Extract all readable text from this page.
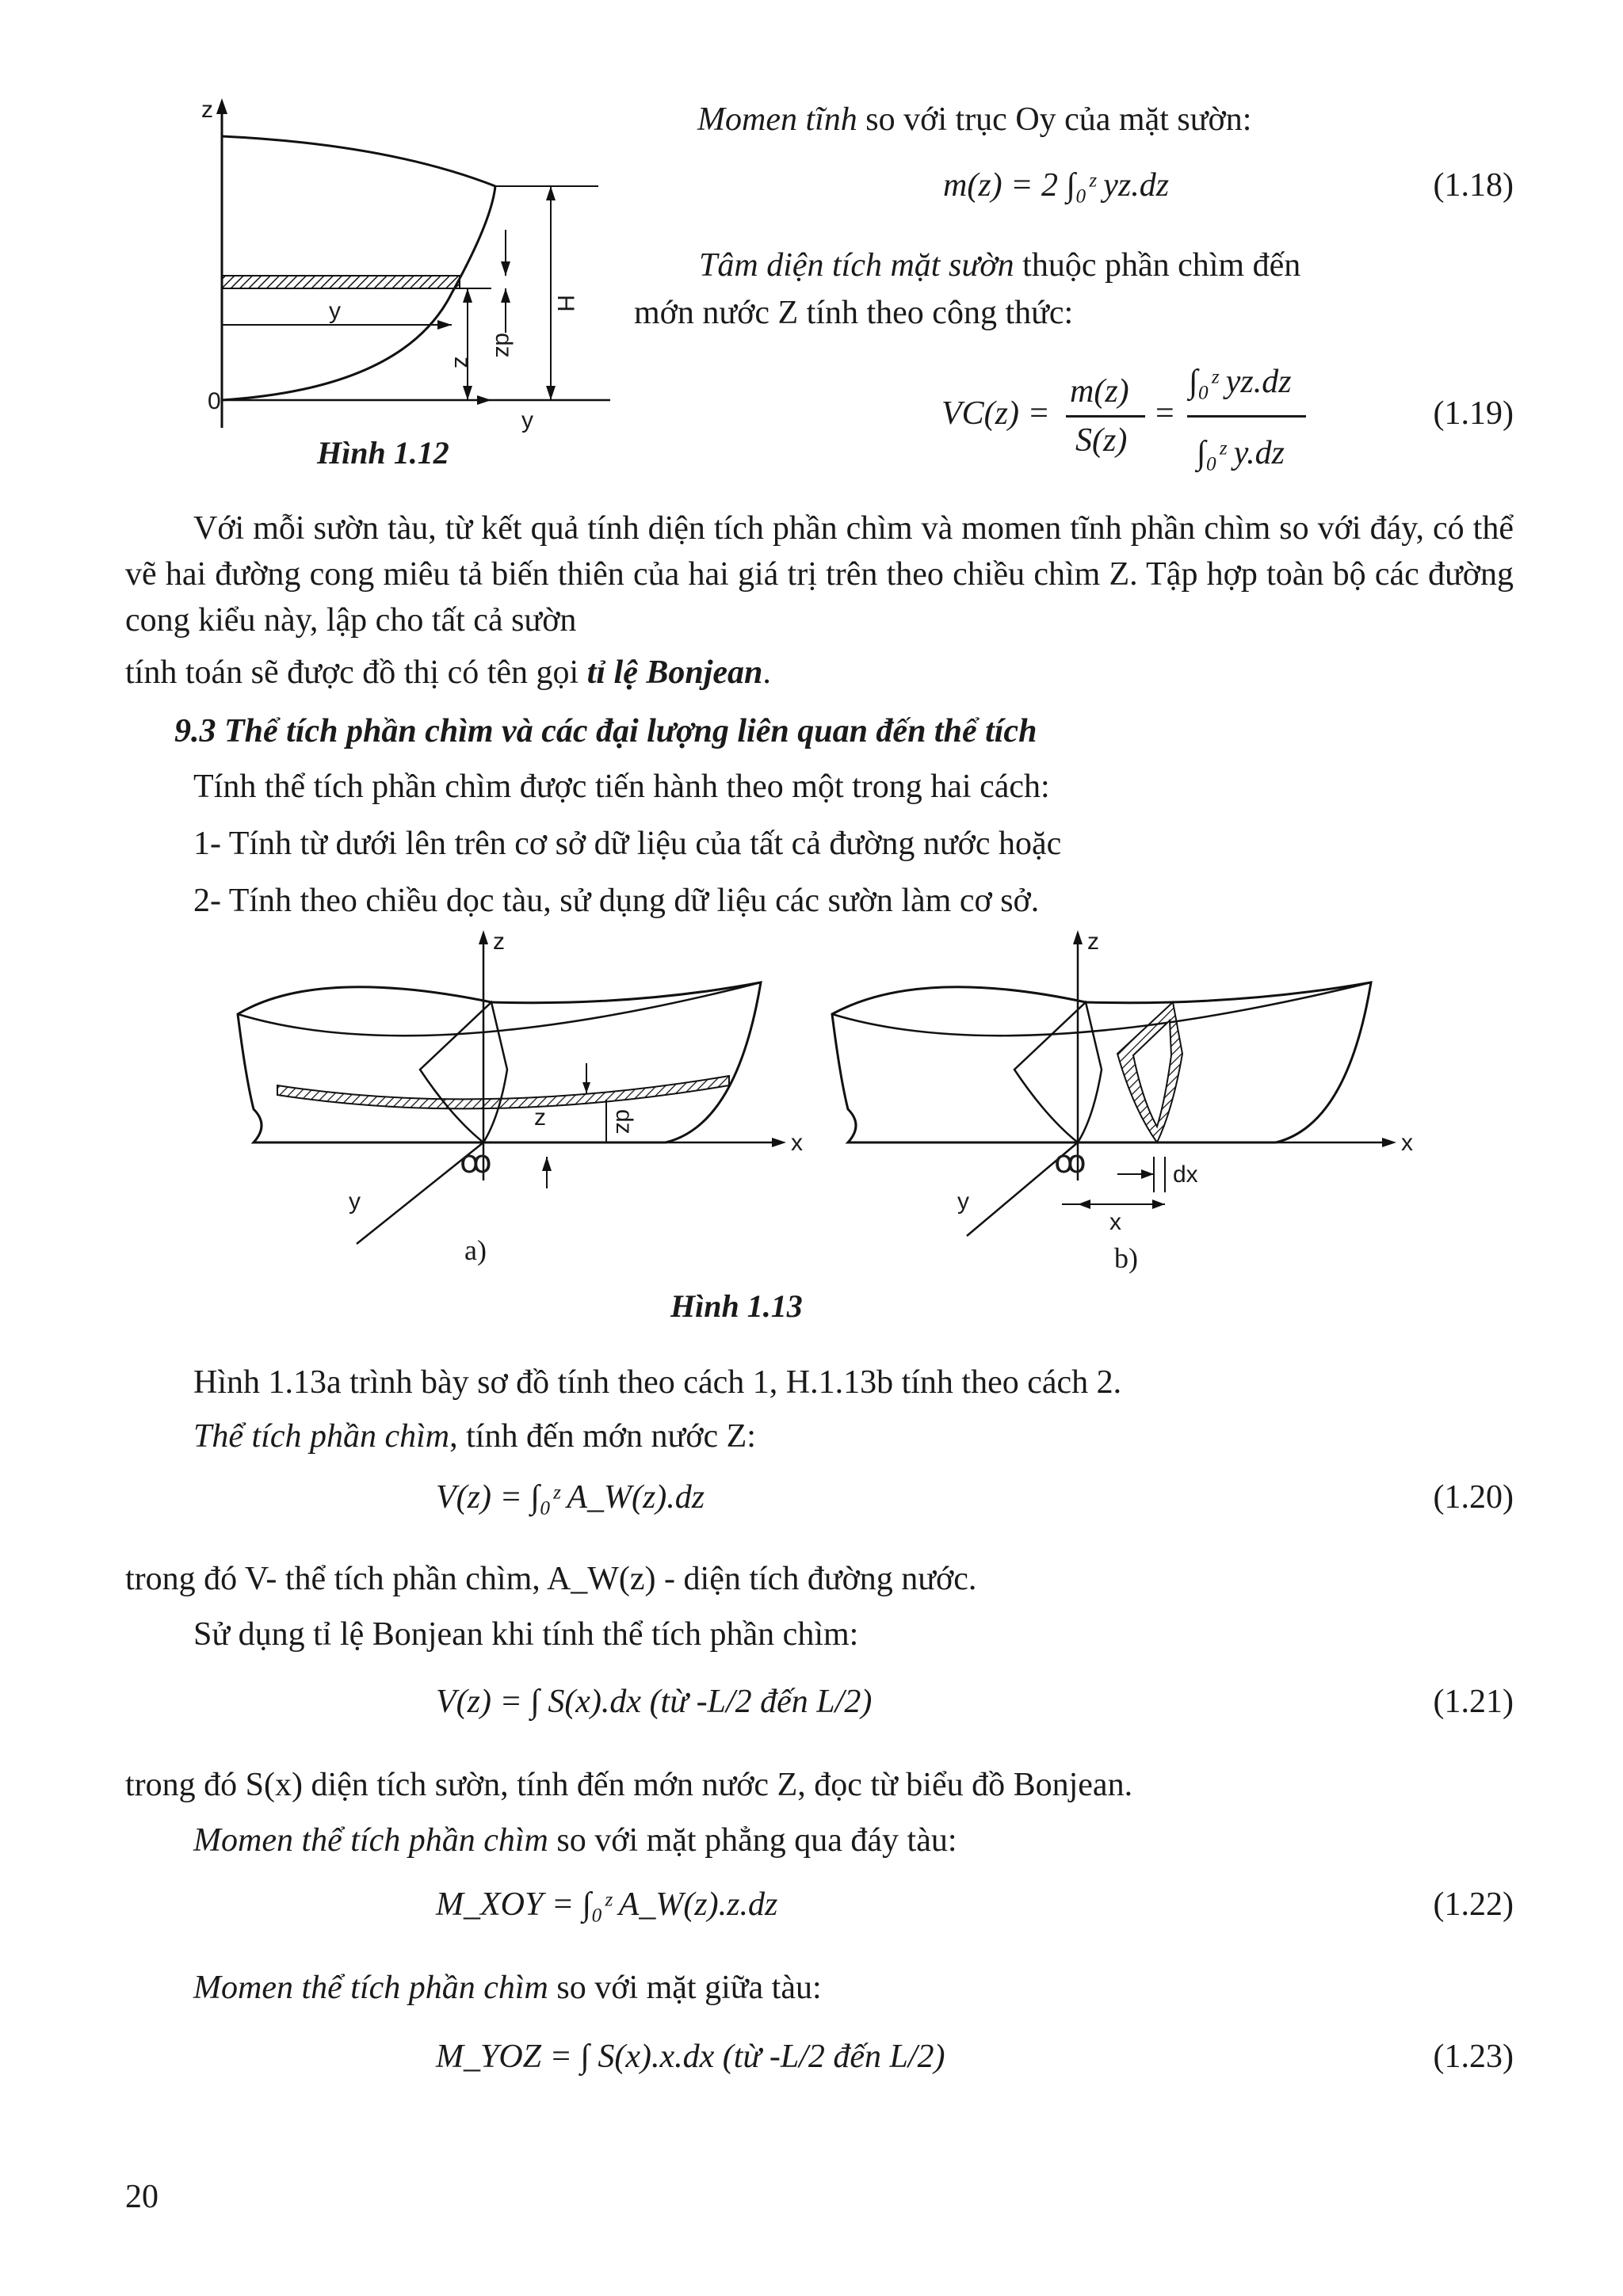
z
y
0
y
z
dz
H
Hình 1.12
Momen tĩnh so với trục Oy của mặt sườn:
m(z) = 2 ∫₀ᶻ yz.dz	(1.18)
Tâm diện tích mặt sườn thuộc phần chìm đến
mớn nước Z tính theo công thức:
VC(z) =
m(z)
S(z)
=
∫₀ᶻ yz.dz
∫₀ᶻ y.dz
(1.19)
Với mỗi sườn tàu, từ kết quả tính diện tích phần chìm và momen tĩnh phần chìm so với đáy, có thể vẽ hai đường cong miêu tả biến thiên của hai giá trị trên theo chiều chìm Z. Tập hợp toàn bộ các đường cong kiểu này, lập cho tất cả sườn
tính toán sẽ được đồ thị có tên gọi tỉ lệ Bonjean.
9.3 Thể tích phần chìm và các đại lượng liên quan đến thể tích
Tính thể tích phần chìm được tiến hành theo một trong hai cách:
1- Tính từ dưới lên trên cơ sở dữ liệu của tất cả đường nước hoặc
2- Tính theo chiều dọc tàu, sử dụng dữ liệu các sườn làm cơ sở.
z
x
y
z	dz
ꝏ
a)
z
x
y
dx
x
ꝏ
b)
Hình 1.13
Hình 1.13a trình bày sơ đồ tính theo cách 1, H.1.13b tính theo cách 2.
Thể tích phần chìm, tính đến mớn nước Z:
V(z) = ∫₀ᶻ A_W(z).dz	(1.20)
trong đó V- thể tích phần chìm, A_W(z) - diện tích đường nước.
Sử dụng tỉ lệ Bonjean khi tính thể tích phần chìm:
V(z) = ∫ S(x).dx (từ -L/2 đến L/2)	(1.21)
trong đó S(x) diện tích sườn, tính đến mớn nước Z, đọc từ biểu đồ Bonjean.
Momen thể tích phần chìm so với mặt phẳng qua đáy tàu:
M_XOY = ∫₀ᶻ A_W(z).z.dz	(1.22)
Momen thể tích phần chìm so với mặt giữa tàu:
M_YOZ = ∫ S(x).x.dx (từ -L/2 đến L/2)	(1.23)
20
